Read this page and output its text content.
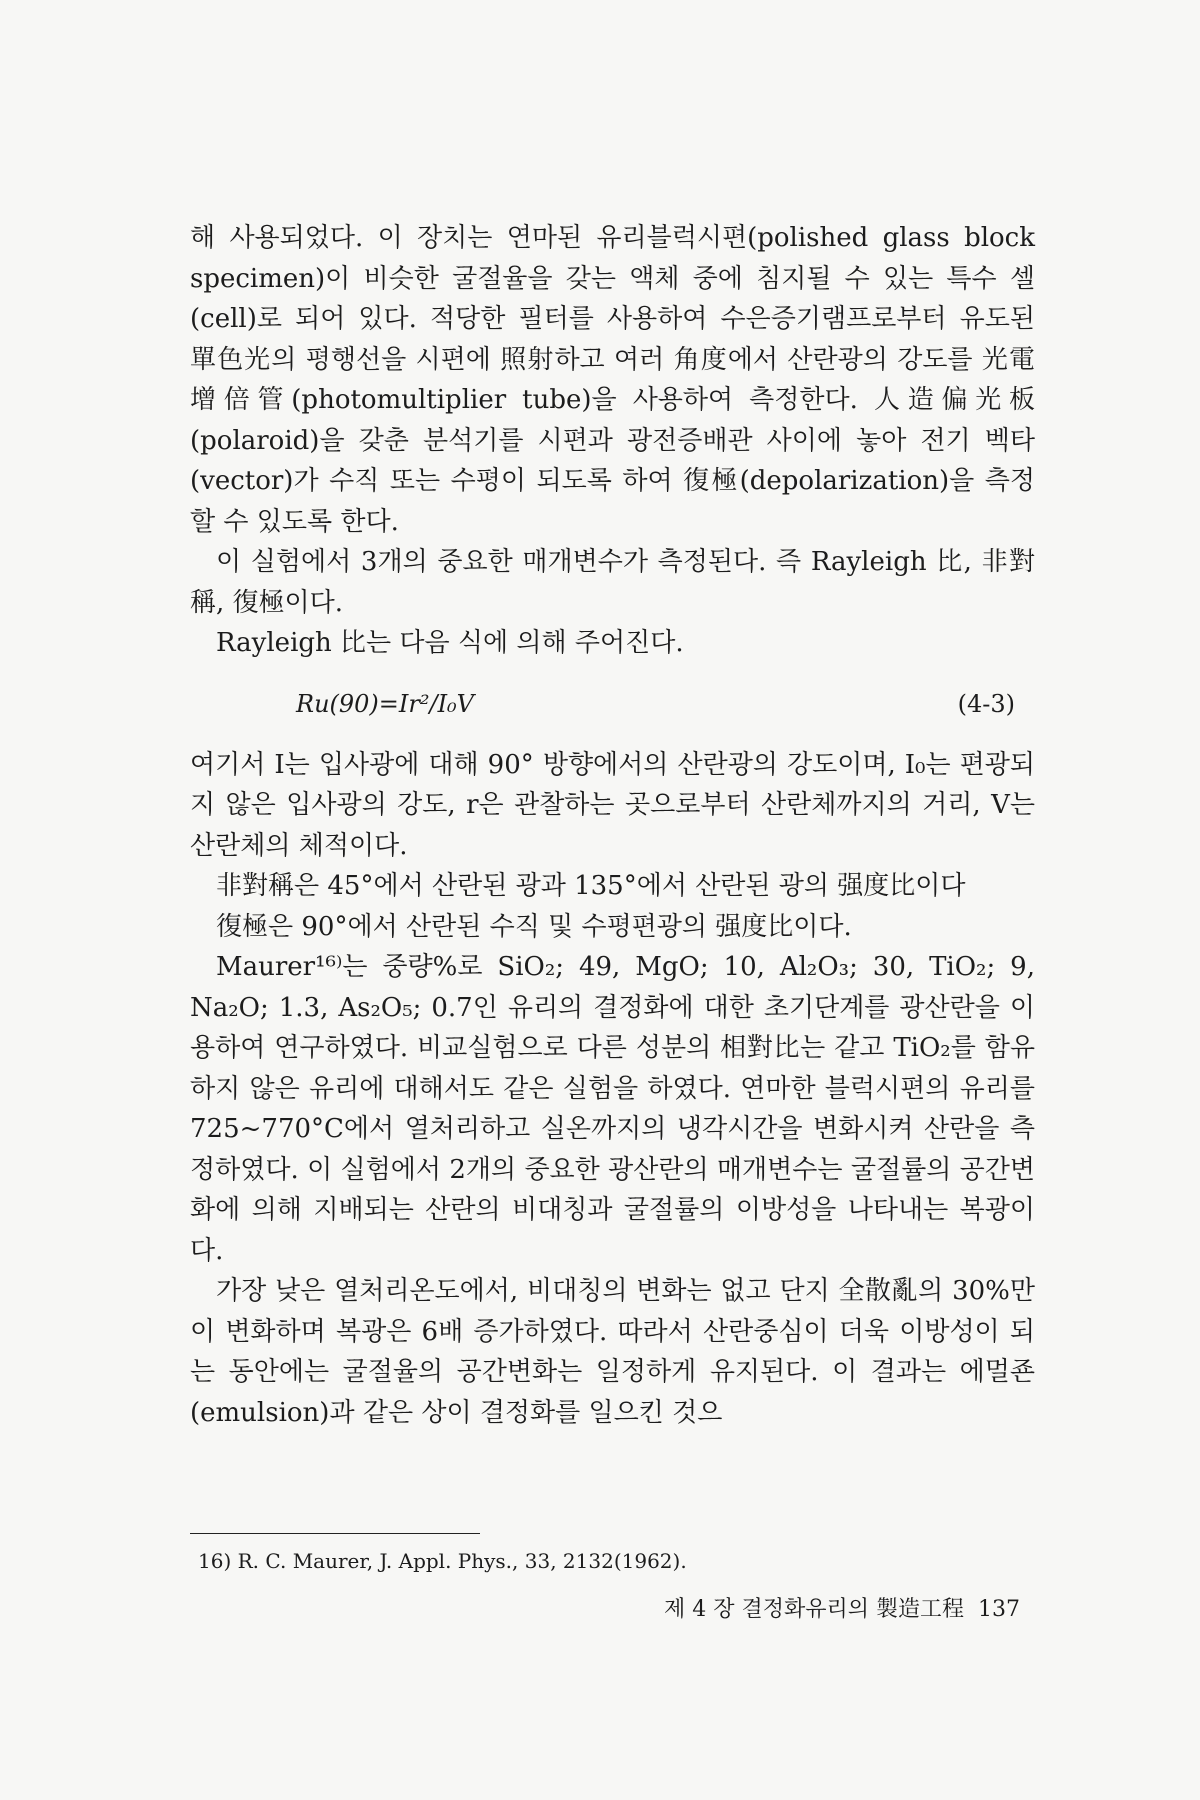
해 사용되었다. 이 장치는 연마된 유리블럭시편(polished glass block specimen)이 비슷한 굴절율을 갖는 액체 중에 침지될 수 있는 특수 셀(cell)로 되어 있다. 적당한 필터를 사용하여 수은증기램프로부터 유도된 單色光의 평행선을 시편에 照射하고 여러 角度에서 산란광의 강도를 光電增倍管(photomultiplier tube)을 사용하여 측정한다. 人造偏光板(polaroid)을 갖춘 분석기를 시편과 광전증배관 사이에 놓아 전기 벡타(vector)가 수직 또는 수평이 되도록 하여 復極(depolarization)을 측정할 수 있도록 한다.

이 실험에서 3개의 중요한 매개변수가 측정된다. 즉 Rayleigh 比, 非對稱, 復極이다.

Rayleigh 比는 다음 식에 의해 주어진다.

Ru(90)=Ir²/I₀V	(4-3)

여기서 I는 입사광에 대해 90° 방향에서의 산란광의 강도이며, I₀는 편광되지 않은 입사광의 강도, r은 관찰하는 곳으로부터 산란체까지의 거리, V는 산란체의 체적이다.

非對稱은 45°에서 산란된 광과 135°에서 산란된 광의 强度比이다

復極은 90°에서 산란된 수직 및 수평편광의 强度比이다.

Maurer¹⁶⁾는 중량%로 SiO₂; 49, MgO; 10, Al₂O₃; 30, TiO₂; 9, Na₂O; 1.3, As₂O₅; 0.7인 유리의 결정화에 대한 초기단계를 광산란을 이용하여 연구하였다. 비교실험으로 다른 성분의 相對比는 같고 TiO₂를 함유하지 않은 유리에 대해서도 같은 실험을 하였다. 연마한 블럭시편의 유리를 725~770°C에서 열처리하고 실온까지의 냉각시간을 변화시켜 산란을 측정하였다. 이 실험에서 2개의 중요한 광산란의 매개변수는 굴절률의 공간변화에 의해 지배되는 산란의 비대칭과 굴절률의 이방성을 나타내는 복광이다.

가장 낮은 열처리온도에서, 비대칭의 변화는 없고 단지 全散亂의 30%만이 변화하며 복광은 6배 증가하였다. 따라서 산란중심이 더욱 이방성이 되는 동안에는 굴절율의 공간변화는 일정하게 유지된다. 이 결과는 에멀죤(emulsion)과 같은 상이 결정화를 일으킨 것으

16) R. C. Maurer, J. Appl. Phys., 33, 2132(1962).
제 4 장 결정화유리의 製造工程 137
